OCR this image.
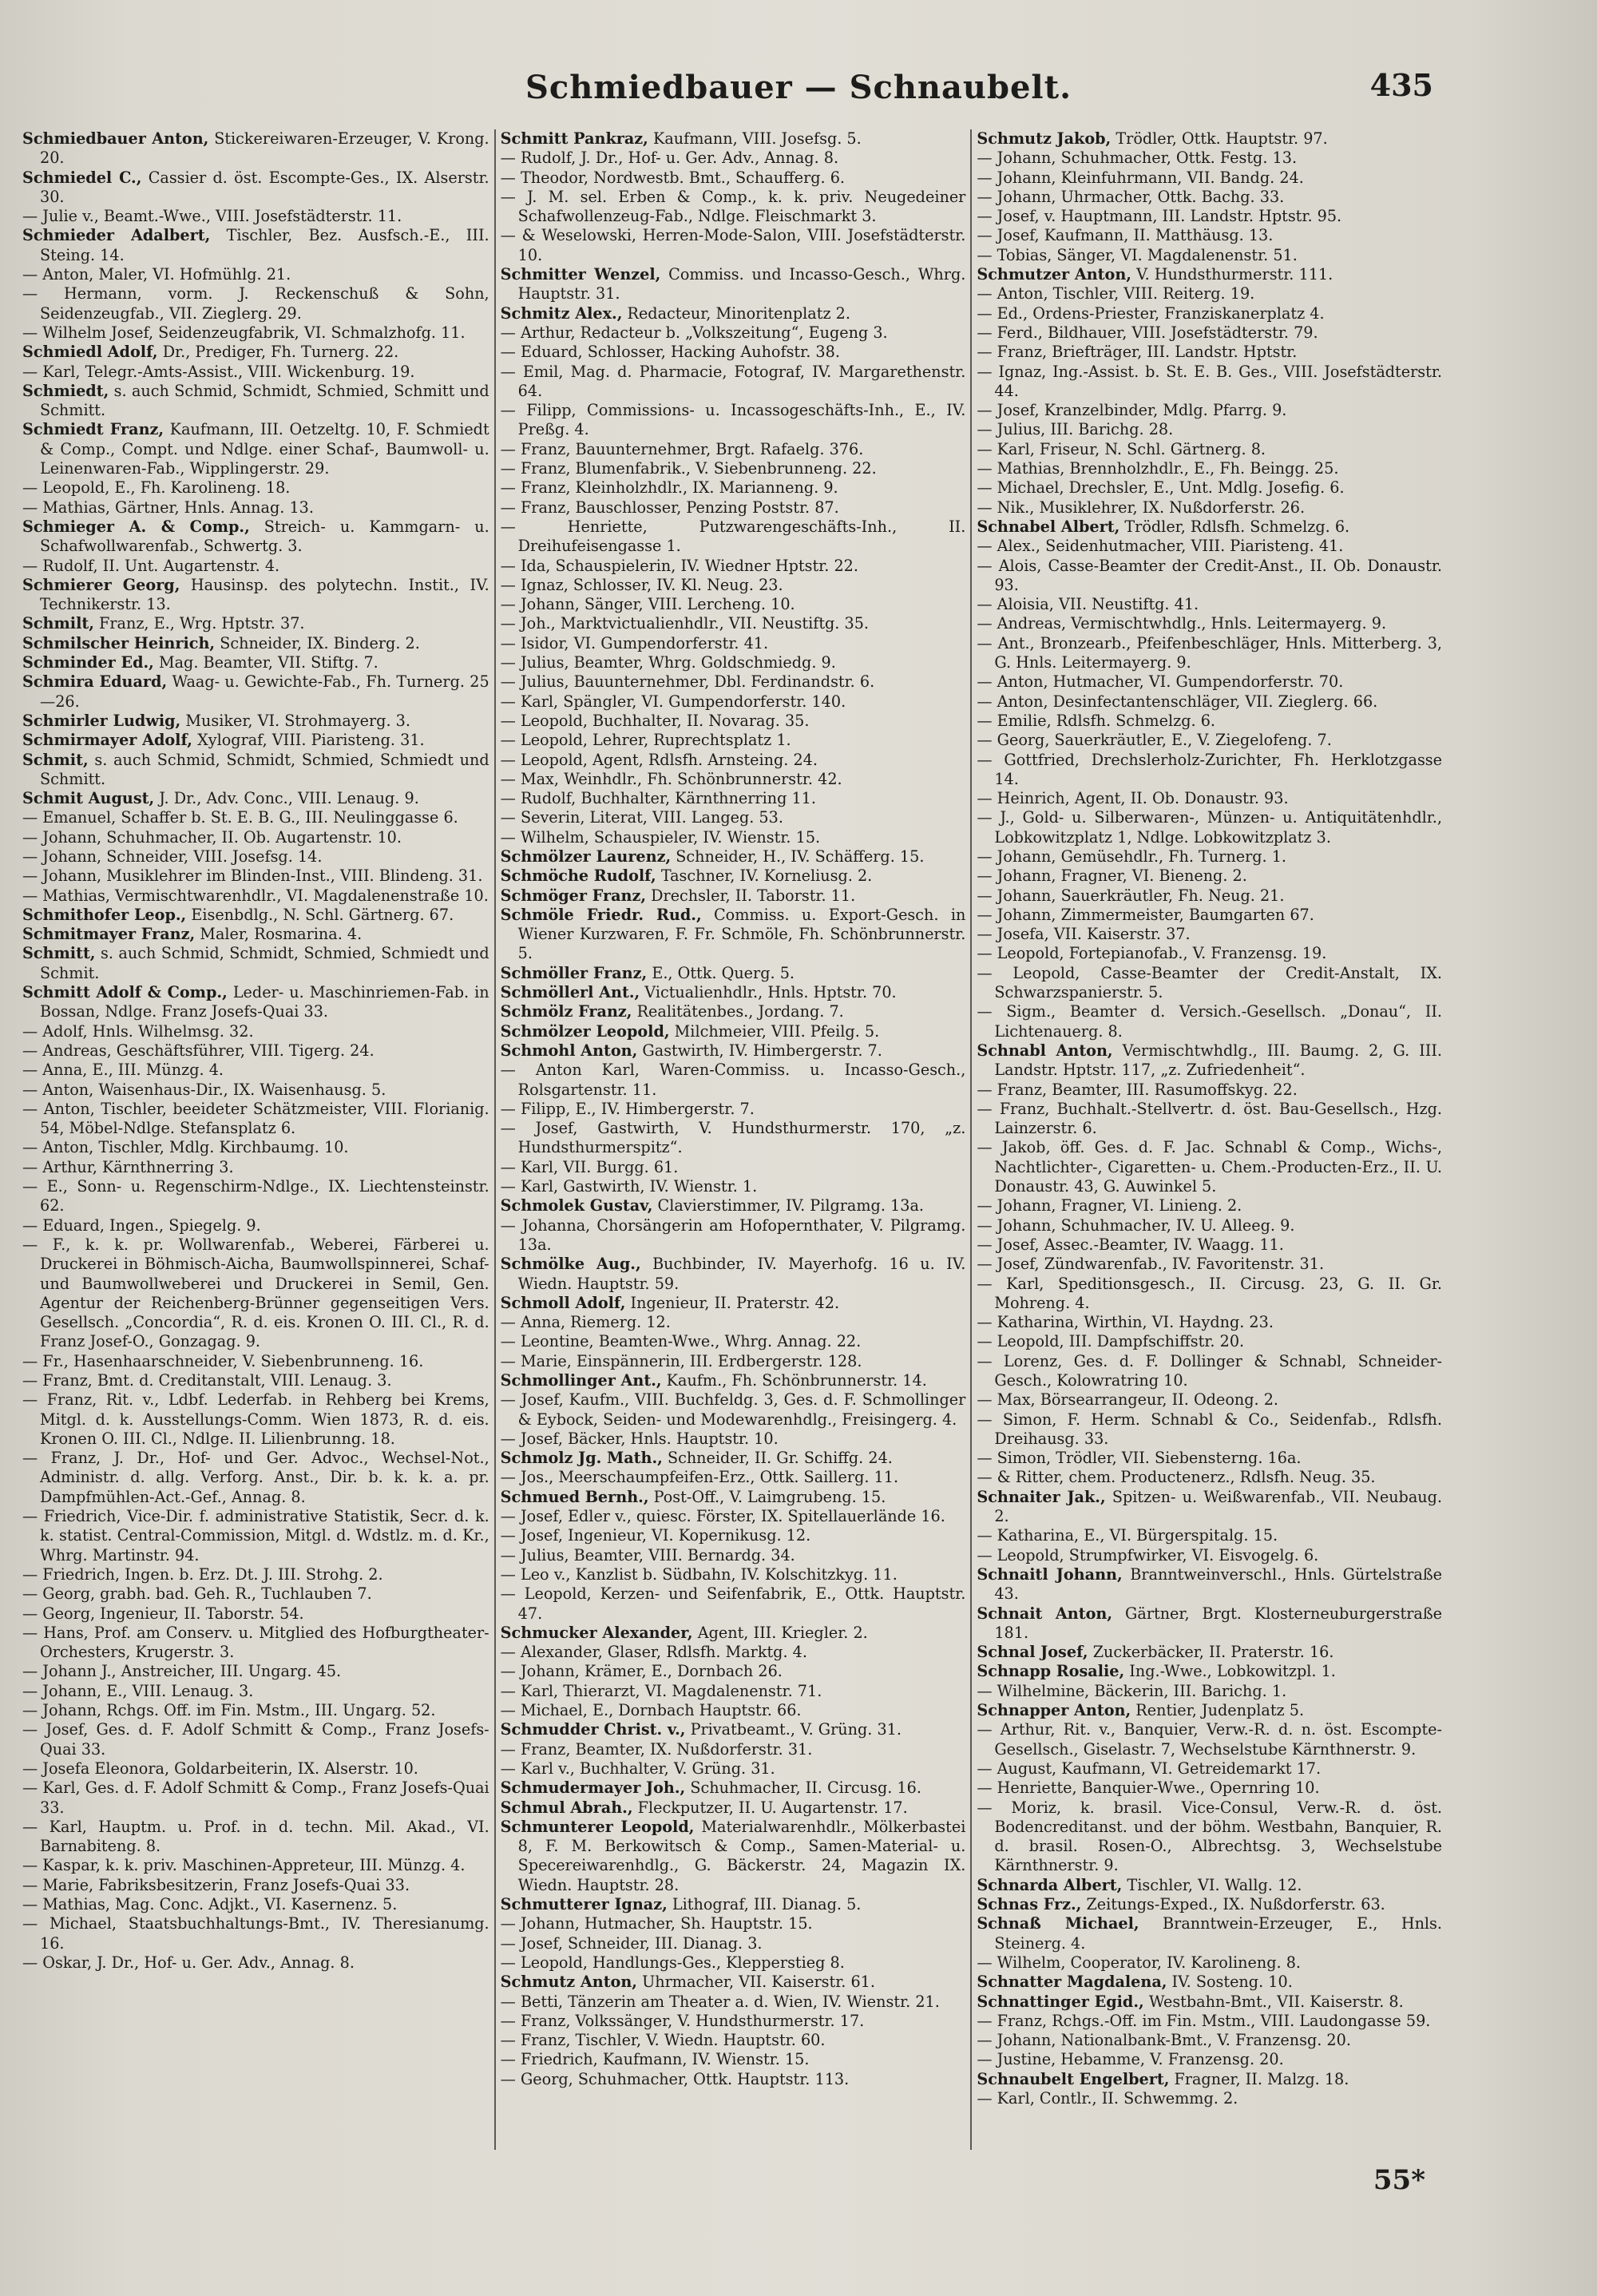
Schmiedbauer — Schnaubelt.	435
Schmiedbauer Anton, Stickereiwaren-Erzeuger, V. Krong. 20.
Schmiedel C., Cassier d. öst. Escompte-Ges., IX. Alserstr. 30.
— Julie v., Beamt.-Wwe., VIII. Josefstädterstr. 11.
Schmieder Adalbert, Tischler, Bez. Ausfsch.-E., III. Steing. 14.
— Anton, Maler, VI. Hofmühlg. 21.
— Hermann, vorm. J. Reckenschuß & Sohn, Seidenzeugfab., VII. Zieglerg. 29.
— Wilhelm Josef, Seidenzeugfabrik, VI. Schmalzhofg. 11.
Schmiedl Adolf, Dr., Prediger, Fh. Turnerg. 22.
— Karl, Telegr.-Amts-Assist., VIII. Wickenburg. 19.
Schmiedt, s. auch Schmid, Schmidt, Schmied, Schmitt und Schmitt.
Schmiedt Franz, Kaufmann, III. Oetzeltg. 10, F. Schmiedt & Comp., Compt. und Ndlge. einer Schaf-, Baumwoll- u. Leinenwaren-Fab., Wipplingerstr. 29.
— Leopold, E., Fh. Karolineng. 18.
— Mathias, Gärtner, Hnls. Annag. 13.
Schmieger A. & Comp., Streich- u. Kammgarn- u. Schafwollwarenfab., Schwertg. 3.
— Rudolf, II. Unt. Augartenstr. 4.
Schmierer Georg, Hausinsp. des polytechn. Instit., IV. Technikerstr. 13.
Schmilt, Franz, E., Wrg. Hptstr. 37.
Schmilscher Heinrich, Schneider, IX. Binderg. 2.
Schminder Ed., Mag. Beamter, VII. Stiftg. 7.
Schmira Eduard, Waag- u. Gewichte-Fab., Fh. Turnerg. 25—26.
Schmirler Ludwig, Musiker, VI. Strohmayerg. 3.
Schmirmayer Adolf, Xylograf, VIII. Piaristeng. 31.
Schmit, s. auch Schmid, Schmidt, Schmied, Schmiedt und Schmitt.
Schmit August, J. Dr., Adv. Conc., VIII. Lenaug. 9.
— Emanuel, Schaffer b. St. E. B. G., III. Neulinggasse 6.
— Johann, Schuhmacher, II. Ob. Augartenstr. 10.
— Johann, Schneider, VIII. Josefsg. 14.
— Johann, Musiklehrer im Blinden-Inst., VIII. Blindeng. 31.
— Mathias, Vermischtwarenhdlr., VI. Magdalenenstraße 10.
Schmithofer Leop., Eisenbdlg., N. Schl. Gärtnerg. 67.
Schmitmayer Franz, Maler, Rosmarina. 4.
Schmitt, s. auch Schmid, Schmidt, Schmied, Schmiedt und Schmit.
Schmitt Adolf & Comp., Leder- u. Maschinriemen-Fab. in Bossan, Ndlge. Franz Josefs-Quai 33.
— Adolf, Hnls. Wilhelmsg. 32.
— Andreas, Geschäftsführer, VIII. Tigerg. 24.
— Anna, E., III. Münzg. 4.
— Anton, Waisenhaus-Dir., IX. Waisenhausg. 5.
— Anton, Tischler, beeideter Schätzmeister, VIII. Florianig. 54, Möbel-Ndlge. Stefansplatz 6.
— Anton, Tischler, Mdlg. Kirchbaumg. 10.
— Arthur, Kärnthnerring 3.
— E., Sonn- u. Regenschirm-Ndlge., IX. Liechtensteinstr. 62.
— Eduard, Ingen., Spiegelg. 9.
— F., k. k. pr. Wollwarenfab., Weberei, Färberei u. Druckerei in Böhmisch-Aicha, Baumwollspinnerei, Schaf- und Baumwollweberei und Druckerei in Semil, Gen. Agentur der Reichenberg-Brünner gegenseitigen Vers. Gesellsch. „Concordia“, R. d. eis. Kronen O. III. Cl., R. d. Franz Josef-O., Gonzagag. 9.
— Fr., Hasenhaarschneider, V. Siebenbrunneng. 16.
— Franz, Bmt. d. Creditanstalt, VIII. Lenaug. 3.
— Franz, Rit. v., Ldbf. Lederfab. in Rehberg bei Krems, Mitgl. d. k. Ausstellungs-Comm. Wien 1873, R. d. eis. Kronen O. III. Cl., Ndlge. II. Lilienbrunng. 18.
— Franz, J. Dr., Hof- und Ger. Advoc., Wechsel-Not., Administr. d. allg. Verforg. Anst., Dir. b. k. k. a. pr. Dampfmühlen-Act.-Gef., Annag. 8.
— Friedrich, Vice-Dir. f. administrative Statistik, Secr. d. k. k. statist. Central-Commission, Mitgl. d. Wdstlz. m. d. Kr., Whrg. Martinstr. 94.
— Friedrich, Ingen. b. Erz. Dt. J. III. Strohg. 2.
— Georg, grabh. bad. Geh. R., Tuchlauben 7.
— Georg, Ingenieur, II. Taborstr. 54.
— Hans, Prof. am Conserv. u. Mitglied des Hofburgtheater-Orchesters, Krugerstr. 3.
— Johann J., Anstreicher, III. Ungarg. 45.
— Johann, E., VIII. Lenaug. 3.
— Johann, Rchgs. Off. im Fin. Mstm., III. Ungarg. 52.
— Josef, Ges. d. F. Adolf Schmitt & Comp., Franz Josefs-Quai 33.
— Josefa Eleonora, Goldarbeiterin, IX. Alserstr. 10.
— Karl, Ges. d. F. Adolf Schmitt & Comp., Franz Josefs-Quai 33.
— Karl, Hauptm. u. Prof. in d. techn. Mil. Akad., VI. Barnabiteng. 8.
— Kaspar, k. k. priv. Maschinen-Appreteur, III. Münzg. 4.
— Marie, Fabriksbesitzerin, Franz Josefs-Quai 33.
— Mathias, Mag. Conc. Adjkt., VI. Kasernenz. 5.
— Michael, Staatsbuchhaltungs-Bmt., IV. Theresianumg. 16.
— Oskar, J. Dr., Hof- u. Ger. Adv., Annag. 8.
Schmitt Pankraz, Kaufmann, VIII. Josefsg. 5.
— Rudolf, J. Dr., Hof- u. Ger. Adv., Annag. 8.
— Theodor, Nordwestb. Bmt., Schaufferg. 6.
— J. M. sel. Erben & Comp., k. k. priv. Neugedeiner Schafwollenzeug-Fab., Ndlge. Fleischmarkt 3.
— & Weselowski, Herren-Mode-Salon, VIII. Josefstädterstr. 10.
Schmitter Wenzel, Commiss. und Incasso-Gesch., Whrg. Hauptstr. 31.
Schmitz Alex., Redacteur, Minoritenplatz 2.
— Arthur, Redacteur b. „Volkszeitung“, Eugeng 3.
— Eduard, Schlosser, Hacking Auhofstr. 38.
— Emil, Mag. d. Pharmacie, Fotograf, IV. Margarethenstr. 64.
— Filipp, Commissions- u. Incassogeschäfts-Inh., E., IV. Preßg. 4.
— Franz, Bauunternehmer, Brgt. Rafaelg. 376.
— Franz, Blumenfabrik., V. Siebenbrunneng. 22.
— Franz, Kleinholzhdlr., IX. Marianneng. 9.
— Franz, Bauschlosser, Penzing Poststr. 87.
— Henriette, Putzwarengeschäfts-Inh., II. Dreihufeisengasse 1.
— Ida, Schauspielerin, IV. Wiedner Hptstr. 22.
— Ignaz, Schlosser, IV. Kl. Neug. 23.
— Johann, Sänger, VIII. Lercheng. 10.
— Joh., Marktvictualienhdlr., VII. Neustiftg. 35.
— Isidor, VI. Gumpendorferstr. 41.
— Julius, Beamter, Whrg. Goldschmiedg. 9.
— Julius, Bauunternehmer, Dbl. Ferdinandstr. 6.
— Karl, Spängler, VI. Gumpendorferstr. 140.
— Leopold, Buchhalter, II. Novarag. 35.
— Leopold, Lehrer, Ruprechtsplatz 1.
— Leopold, Agent, Rdlsfh. Arnsteing. 24.
— Max, Weinhdlr., Fh. Schönbrunnerstr. 42.
— Rudolf, Buchhalter, Kärnthnerring 11.
— Severin, Literat, VIII. Langeg. 53.
— Wilhelm, Schauspieler, IV. Wienstr. 15.
Schmölzer Laurenz, Schneider, H., IV. Schäfferg. 15.
Schmöche Rudolf, Taschner, IV. Korneliusg. 2.
Schmöger Franz, Drechsler, II. Taborstr. 11.
Schmöle Friedr. Rud., Commiss. u. Export-Gesch. in Wiener Kurzwaren, F. Fr. Schmöle, Fh. Schönbrunnerstr. 5.
Schmöller Franz, E., Ottk. Querg. 5.
Schmöllerl Ant., Victualienhdlr., Hnls. Hptstr. 70.
Schmölz Franz, Realitätenbes., Jordang. 7.
Schmölzer Leopold, Milchmeier, VIII. Pfeilg. 5.
Schmohl Anton, Gastwirth, IV. Himbergerstr. 7.
— Anton Karl, Waren-Commiss. u. Incasso-Gesch., Rolsgartenstr. 11.
— Filipp, E., IV. Himbergerstr. 7.
— Josef, Gastwirth, V. Hundsthurmerstr. 170, „z. Hundsthurmerspitz“.
— Karl, VII. Burgg. 61.
— Karl, Gastwirth, IV. Wienstr. 1.
Schmolek Gustav, Clavierstimmer, IV. Pilgramg. 13a.
— Johanna, Chorsängerin am Hofopernthater, V. Pilgramg. 13a.
Schmölke Aug., Buchbinder, IV. Mayerhofg. 16 u. IV. Wiedn. Hauptstr. 59.
Schmoll Adolf, Ingenieur, II. Praterstr. 42.
— Anna, Riemerg. 12.
— Leontine, Beamten-Wwe., Whrg. Annag. 22.
— Marie, Einspännerin, III. Erdbergerstr. 128.
Schmollinger Ant., Kaufm., Fh. Schönbrunnerstr. 14.
— Josef, Kaufm., VIII. Buchfeldg. 3, Ges. d. F. Schmollinger & Eybock, Seiden- und Modewarenhdlg., Freisingerg. 4.
— Josef, Bäcker, Hnls. Hauptstr. 10.
Schmolz Jg. Math., Schneider, II. Gr. Schiffg. 24.
— Jos., Meerschaumpfeifen-Erz., Ottk. Saillerg. 11.
Schmued Bernh., Post-Off., V. Laimgrubeng. 15.
— Josef, Edler v., quiesc. Förster, IX. Spitellauerlände 16.
— Josef, Ingenieur, VI. Kopernikusg. 12.
— Julius, Beamter, VIII. Bernardg. 34.
— Leo v., Kanzlist b. Südbahn, IV. Kolschitzkyg. 11.
— Leopold, Kerzen- und Seifenfabrik, E., Ottk. Hauptstr. 47.
Schmucker Alexander, Agent, III. Kriegler. 2.
— Alexander, Glaser, Rdlsfh. Marktg. 4.
— Johann, Krämer, E., Dornbach 26.
— Karl, Thierarzt, VI. Magdalenenstr. 71.
— Michael, E., Dornbach Hauptstr. 66.
Schmudder Christ. v., Privatbeamt., V. Grüng. 31.
— Franz, Beamter, IX. Nußdorferstr. 31.
— Karl v., Buchhalter, V. Grüng. 31.
Schmudermayer Joh., Schuhmacher, II. Circusg. 16.
Schmul Abrah., Fleckputzer, II. U. Augartenstr. 17.
Schmunterer Leopold, Materialwarenhdlr., Mölkerbastei 8, F. M. Berkowitsch & Comp., Samen-Material- u. Specereiwarenhdlg., G. Bäckerstr. 24, Magazin IX. Wiedn. Hauptstr. 28.
Schmutterer Ignaz, Lithograf, III. Dianag. 5.
— Johann, Hutmacher, Sh. Hauptstr. 15.
— Josef, Schneider, III. Dianag. 3.
— Leopold, Handlungs-Ges., Klepperstieg 8.
Schmutz Anton, Uhrmacher, VII. Kaiserstr. 61.
— Betti, Tänzerin am Theater a. d. Wien, IV. Wienstr. 21.
— Franz, Volkssänger, V. Hundsthurmerstr. 17.
— Franz, Tischler, V. Wiedn. Hauptstr. 60.
— Friedrich, Kaufmann, IV. Wienstr. 15.
— Georg, Schuhmacher, Ottk. Hauptstr. 113.
Schmutz Jakob, Trödler, Ottk. Hauptstr. 97.
— Johann, Schuhmacher, Ottk. Festg. 13.
— Johann, Kleinfuhrmann, VII. Bandg. 24.
— Johann, Uhrmacher, Ottk. Bachg. 33.
— Josef, v. Hauptmann, III. Landstr. Hptstr. 95.
— Josef, Kaufmann, II. Matthäusg. 13.
— Tobias, Sänger, VI. Magdalenenstr. 51.
Schmutzer Anton, V. Hundsthurmerstr. 111.
— Anton, Tischler, VIII. Reiterg. 19.
— Ed., Ordens-Priester, Franziskanerplatz 4.
— Ferd., Bildhauer, VIII. Josefstädterstr. 79.
— Franz, Briefträger, III. Landstr. Hptstr.
— Ignaz, Ing.-Assist. b. St. E. B. Ges., VIII. Josefstädterstr. 44.
— Josef, Kranzelbinder, Mdlg. Pfarrg. 9.
— Julius, III. Barichg. 28.
— Karl, Friseur, N. Schl. Gärtnerg. 8.
— Mathias, Brennholzhdlr., E., Fh. Beingg. 25.
— Michael, Drechsler, E., Unt. Mdlg. Josefig. 6.
— Nik., Musiklehrer, IX. Nußdorferstr. 26.
Schnabel Albert, Trödler, Rdlsfh. Schmelzg. 6.
— Alex., Seidenhutmacher, VIII. Piaristeng. 41.
— Alois, Casse-Beamter der Credit-Anst., II. Ob. Donaustr. 93.
— Aloisia, VII. Neustiftg. 41.
— Andreas, Vermischtwhdlg., Hnls. Leitermayerg. 9.
— Ant., Bronzearb., Pfeifenbeschläger, Hnls. Mitterberg. 3, G. Hnls. Leitermayerg. 9.
— Anton, Hutmacher, VI. Gumpendorferstr. 70.
— Anton, Desinfectantenschläger, VII. Zieglerg. 66.
— Emilie, Rdlsfh. Schmelzg. 6.
— Georg, Sauerkräutler, E., V. Ziegelofeng. 7.
— Gottfried, Drechslerholz-Zurichter, Fh. Herklotzgasse 14.
— Heinrich, Agent, II. Ob. Donaustr. 93.
— J., Gold- u. Silberwaren-, Münzen- u. Antiquitätenhdlr., Lobkowitzplatz 1, Ndlge. Lobkowitzplatz 3.
— Johann, Gemüsehdlr., Fh. Turnerg. 1.
— Johann, Fragner, VI. Bieneng. 2.
— Johann, Sauerkräutler, Fh. Neug. 21.
— Johann, Zimmermeister, Baumgarten 67.
— Josefa, VII. Kaiserstr. 37.
— Leopold, Fortepianofab., V. Franzensg. 19.
— Leopold, Casse-Beamter der Credit-Anstalt, IX. Schwarzspanierstr. 5.
— Sigm., Beamter d. Versich.-Gesellsch. „Donau“, II. Lichtenauerg. 8.
Schnabl Anton, Vermischtwhdlg., III. Baumg. 2, G. III. Landstr. Hptstr. 117, „z. Zufriedenheit“.
— Franz, Beamter, III. Rasumoffskyg. 22.
— Franz, Buchhalt.-Stellvertr. d. öst. Bau-Gesellsch., Hzg. Lainzerstr. 6.
— Jakob, öff. Ges. d. F. Jac. Schnabl & Comp., Wichs-, Nachtlichter-, Cigaretten- u. Chem.-Producten-Erz., II. U. Donaustr. 43, G. Auwinkel 5.
— Johann, Fragner, VI. Linieng. 2.
— Johann, Schuhmacher, IV. U. Alleeg. 9.
— Josef, Assec.-Beamter, IV. Waagg. 11.
— Josef, Zündwarenfab., IV. Favoritenstr. 31.
— Karl, Speditionsgesch., II. Circusg. 23, G. II. Gr. Mohreng. 4.
— Katharina, Wirthin, VI. Haydng. 23.
— Leopold, III. Dampfschiffstr. 20.
— Lorenz, Ges. d. F. Dollinger & Schnabl, Schneider-Gesch., Kolowratring 10.
— Max, Börsearrangeur, II. Odeong. 2.
— Simon, F. Herm. Schnabl & Co., Seidenfab., Rdlsfh. Dreihausg. 33.
— Simon, Trödler, VII. Siebensterng. 16a.
— & Ritter, chem. Productenerz., Rdlsfh. Neug. 35.
Schnaiter Jak., Spitzen- u. Weißwarenfab., VII. Neubaug. 2.
— Katharina, E., VI. Bürgerspitalg. 15.
— Leopold, Strumpfwirker, VI. Eisvogelg. 6.
Schnaitl Johann, Branntweinverschl., Hnls. Gürtelstraße 43.
Schnait Anton, Gärtner, Brgt. Klosterneuburgerstraße 181.
Schnal Josef, Zuckerbäcker, II. Praterstr. 16.
Schnapp Rosalie, Ing.-Wwe., Lobkowitzpl. 1.
— Wilhelmine, Bäckerin, III. Barichg. 1.
Schnapper Anton, Rentier, Judenplatz 5.
— Arthur, Rit. v., Banquier, Verw.-R. d. n. öst. Escompte-Gesellsch., Giselastr. 7, Wechselstube Kärnthnerstr. 9.
— August, Kaufmann, VI. Getreidemarkt 17.
— Henriette, Banquier-Wwe., Opernring 10.
— Moriz, k. brasil. Vice-Consul, Verw.-R. d. öst. Bodencreditanst. und der böhm. Westbahn, Banquier, R. d. brasil. Rosen-O., Albrechtsg. 3, Wechselstube Kärnthnerstr. 9.
Schnarda Albert, Tischler, VI. Wallg. 12.
Schnas Frz., Zeitungs-Exped., IX. Nußdorferstr. 63.
Schnaß Michael, Branntwein-Erzeuger, E., Hnls. Steinerg. 4.
— Wilhelm, Cooperator, IV. Karolineng. 8.
Schnatter Magdalena, IV. Sosteng. 10.
Schnattinger Egid., Westbahn-Bmt., VII. Kaiserstr. 8.
— Franz, Rchgs.-Off. im Fin. Mstm., VIII. Laudongasse 59.
— Johann, Nationalbank-Bmt., V. Franzensg. 20.
— Justine, Hebamme, V. Franzensg. 20.
Schnaubelt Engelbert, Fragner, II. Malzg. 18.
— Karl, Contlr., II. Schwemmg. 2.
55*
